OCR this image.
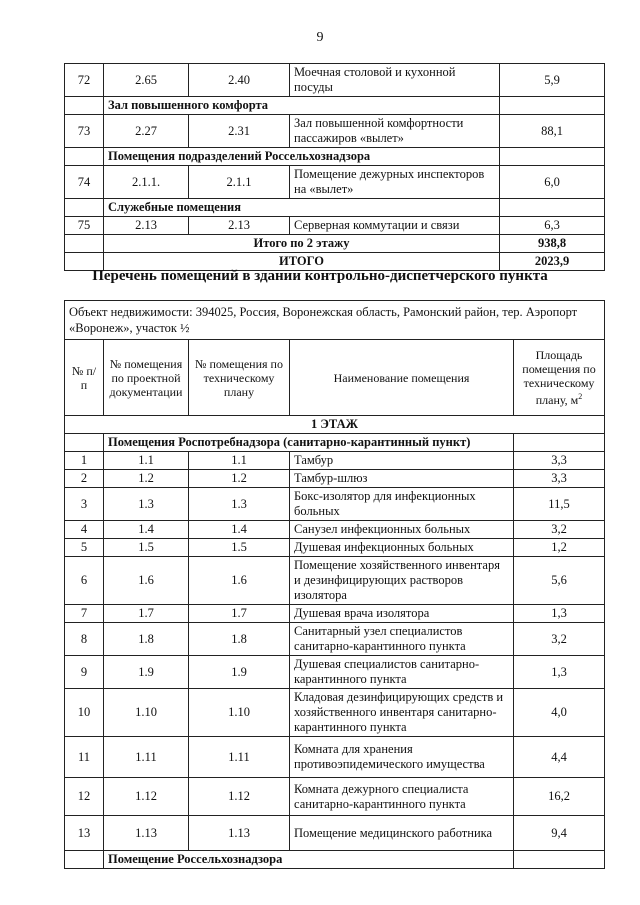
9
72	2.65	2.40	Моечная столовой и кухонной посуды	5,9
	Зал повышенного комфорта			
73	2.27	2.31	Зал повышенной комфортности пассажиров «вылет»	88,1
	Помещения подразделений Россельхознадзора			
74	2.1.1.	2.1.1	Помещение дежурных инспекторов на «вылет»	6,0
	Служебные помещения			
75	2.13	2.13	Серверная коммутации и связи	6,3
	Итого по 2 этажу			938,8
	ИТОГО			2023,9
Перечень помещений в здании контрольно-диспетчерского пункта
Объект недвижимости: 394025, Россия, Воронежская область, Рамонский район, тер. Аэропорт «Воронеж», участок ½				
№ п/п	№ помещения по проектной документации	№ помещения по техническому плану	Наименование помещения	Площадь помещения по техническому плану, $м^2$
1 ЭТАЖ				
	Помещения Роспотребнадзора (санитарно-карантинный пункт)			
1	1.1	1.1	Тамбур	3,3
2	1.2	1.2	Тамбур-шлюз	3,3
3	1.3	1.3	Бокс-изолятор для инфекционных больных	11,5
4	1.4	1.4	Санузел инфекционных больных	3,2
5	1.5	1.5	Душевая инфекционных больных	1,2
6	1.6	1.6	Помещение хозяйственного инвентаря и дезинфицирующих растворов изолятора	5,6
7	1.7	1.7	Душевая врача изолятора	1,3
8	1.8	1.8	Санитарный узел специалистов санитарно-карантинного пункта	3,2
9	1.9	1.9	Душевая специалистов санитарно-карантинного пункта	1,3
10	1.10	1.10	Кладовая дезинфицирующих средств и хозяйственного инвентаря санитарно-карантинного пункта	4,0
11	1.11	1.11	Комната для хранения противоэпидемического имущества	4,4
12	1.12	1.12	Комната дежурного специалиста санитарно-карантинного пункта	16,2
13	1.13	1.13	Помещение медицинского работника	9,4
	Помещение Россельхознадзора			
